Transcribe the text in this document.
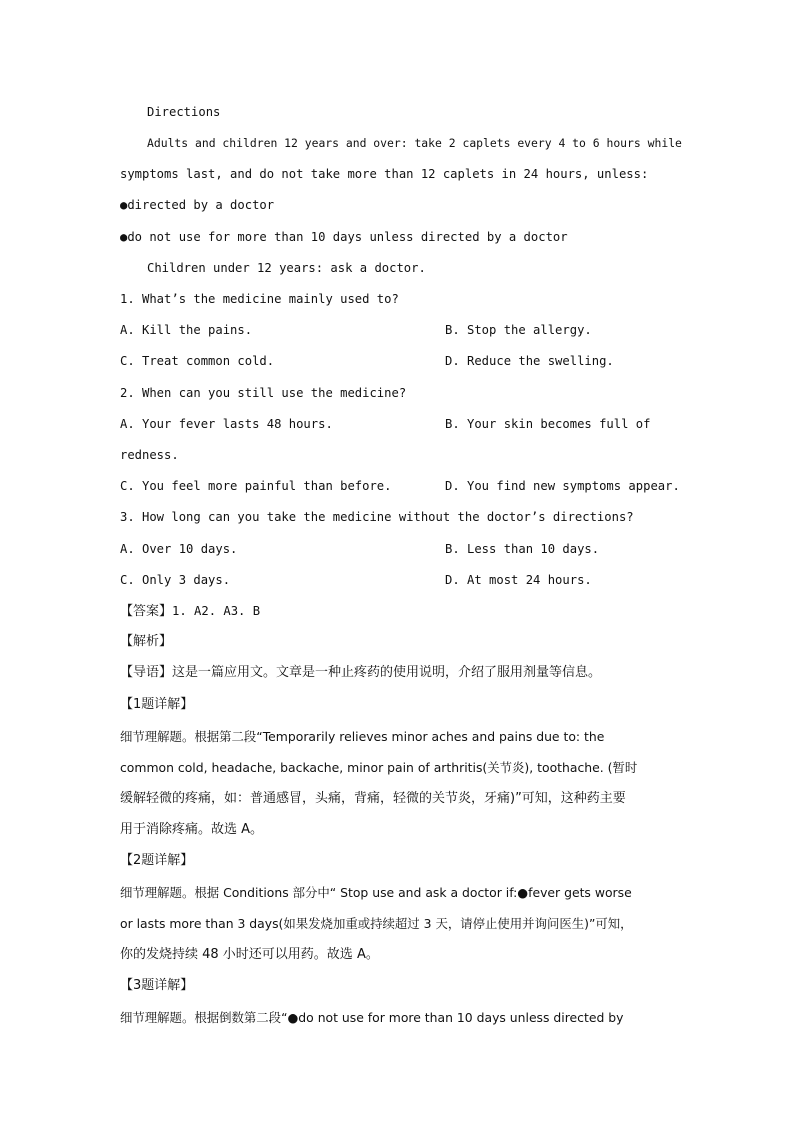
Directions
Adults and children 12 years and over: take 2 caplets every 4 to 6 hours while
symptoms last, and do not take more than 12 caplets in 24 hours, unless:
●directed by a doctor
●do not use for more than 10 days unless directed by a doctor
Children under 12 years: ask a doctor.
1. What’s the medicine mainly used to?
A. Kill the pains.	B. Stop the allergy.
C. Treat common cold.	D. Reduce the swelling.
2. When can you still use the medicine?
A. Your fever lasts 48 hours.	B. Your skin becomes full of
redness.
C. You feel more painful than before.	D. You find new symptoms appear.
3. How long can you take the medicine without the doctor’s directions?
A. Over 10 days.	B. Less than 10 days.
C. Only 3 days.	D. At most 24 hours.
【答案】1. A2. A3. B
【解析】
【导语】这是一篇应用文。文章是一种止疼药的使用说明，介绍了服用剂量等信息。
【1题详解】
细节理解题。根据第二段“Temporarily relieves minor aches and pains due to: the
common cold, headache, backache, minor pain of arthritis(关节炎), toothache. (暂时
缓解轻微的疼痛，如：普通感冒，头痛，背痛，轻微的关节炎，牙痛)”可知，这种药主要
用于消除疼痛。故选 A。
【2题详解】
细节理解题。根据 Conditions 部分中“ Stop use and ask a doctor if:●fever gets worse
or lasts more than 3 days(如果发烧加重或持续超过 3 天，请停止使用并询问医生)”可知，
你的发烧持续 48 小时还可以用药。故选 A。
【3题详解】
细节理解题。根据倒数第二段“●do not use for more than 10 days unless directed by
